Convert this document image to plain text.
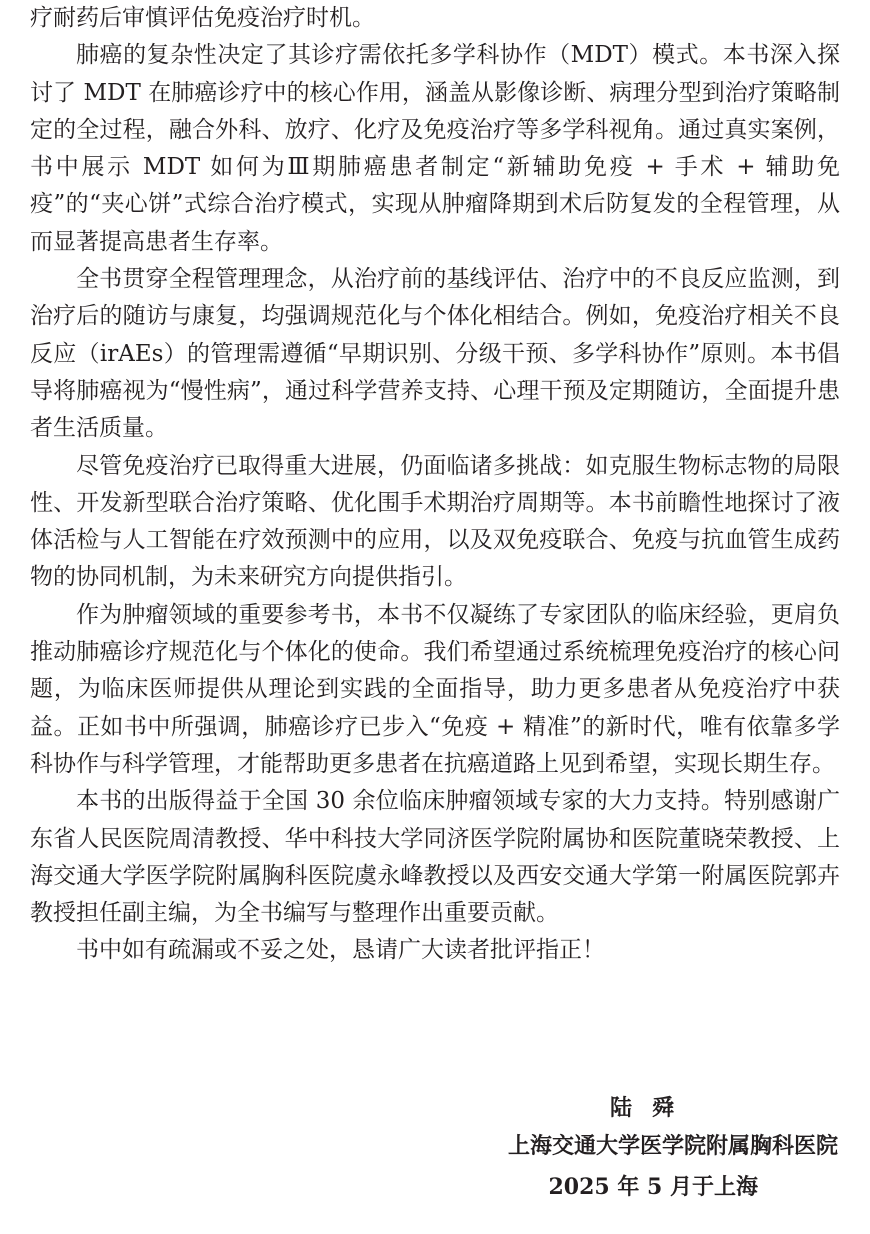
疗耐药后审慎评估免疫治疗时机。

肺癌的复杂性决定了其诊疗需依托多学科协作（MDT）模式。本书深入探讨了 MDT 在肺癌诊疗中的核心作用，涵盖从影像诊断、病理分型到治疗策略制定的全过程，融合外科、放疗、化疗及免疫治疗等多学科视角。通过真实案例，书中展示 MDT 如何为Ⅲ期肺癌患者制定“新辅助免疫 + 手术 + 辅助免疫”的“夹心饼”式综合治疗模式，实现从肿瘤降期到术后防复发的全程管理，从而显著提高患者生存率。

全书贯穿全程管理理念，从治疗前的基线评估、治疗中的不良反应监测，到治疗后的随访与康复，均强调规范化与个体化相结合。例如，免疫治疗相关不良反应（irAEs）的管理需遵循“早期识别、分级干预、多学科协作”原则。本书倡导将肺癌视为“慢性病”，通过科学营养支持、心理干预及定期随访，全面提升患者生活质量。

尽管免疫治疗已取得重大进展，仍面临诸多挑战：如克服生物标志物的局限性、开发新型联合治疗策略、优化围手术期治疗周期等。本书前瞻性地探讨了液体活检与人工智能在疗效预测中的应用，以及双免疫联合、免疫与抗血管生成药物的协同机制，为未来研究方向提供指引。

作为肿瘤领域的重要参考书，本书不仅凝练了专家团队的临床经验，更肩负推动肺癌诊疗规范化与个体化的使命。我们希望通过系统梳理免疫治疗的核心问题，为临床医师提供从理论到实践的全面指导，助力更多患者从免疫治疗中获益。正如书中所强调，肺癌诊疗已步入“免疫 + 精准”的新时代，唯有依靠多学科协作与科学管理，才能帮助更多患者在抗癌道路上见到希望，实现长期生存。

本书的出版得益于全国 30 余位临床肿瘤领域专家的大力支持。特别感谢广东省人民医院周清教授、华中科技大学同济医学院附属协和医院董晓荣教授、上海交通大学医学院附属胸科医院虞永峰教授以及西安交通大学第一附属医院郭卉教授担任副主编，为全书编写与整理作出重要贡献。

书中如有疏漏或不妥之处，恳请广大读者批评指正！

陆舜
上海交通大学医学院附属胸科医院
2025 年 5 月于上海
